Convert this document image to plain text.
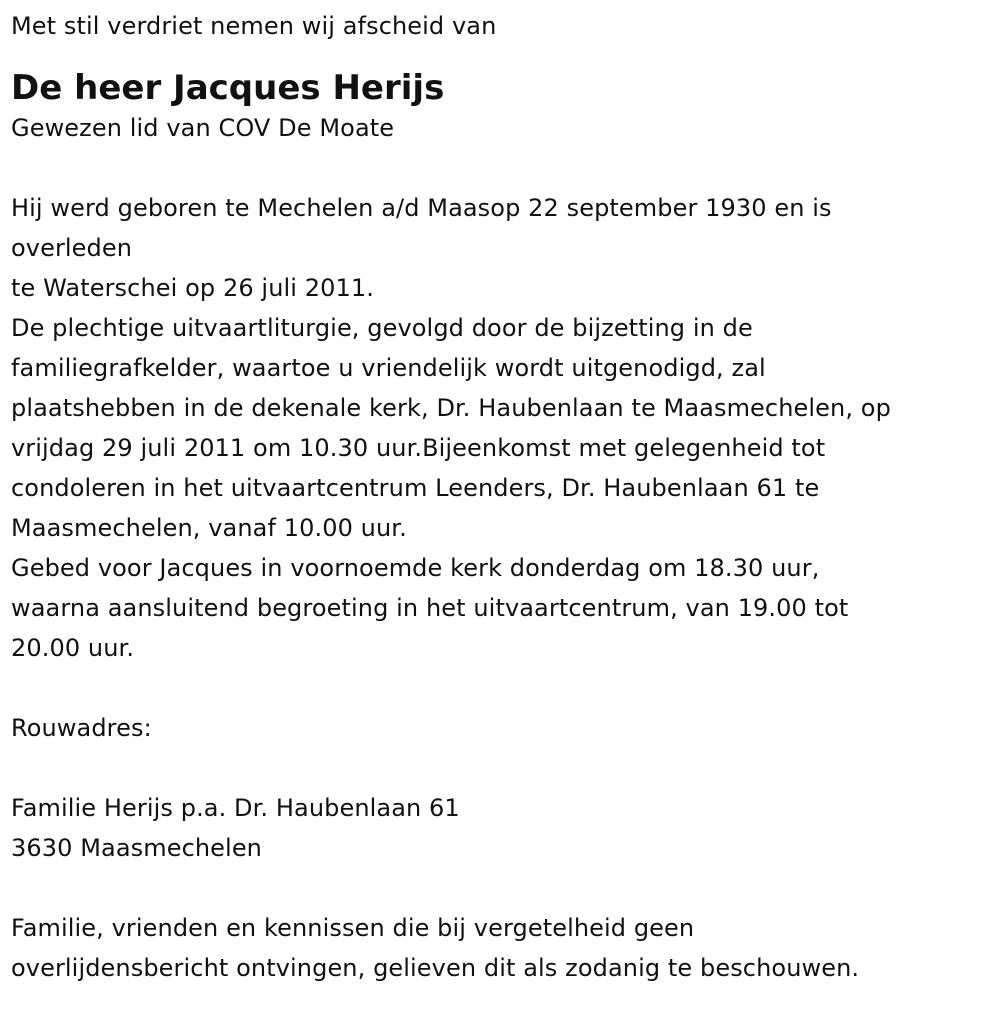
Met stil verdriet nemen wij afscheid van

De heer Jacques Herijs

Gewezen lid van COV De Moate

Hij werd geboren te Mechelen a/d Maasop 22 september 1930 en is

overleden

te Waterschei op 26 juli 2011.

De plechtige uitvaartliturgie, gevolgd door de bijzetting in de

familiegrafkelder, waartoe u vriendelijk wordt uitgenodigd, zal

plaatshebben in de dekenale kerk, Dr. Haubenlaan te Maasmechelen, op

vrijdag 29 juli 2011 om 10.30 uur.Bijeenkomst met gelegenheid tot

condoleren in het uitvaartcentrum Leenders, Dr. Haubenlaan 61 te

Maasmechelen, vanaf 10.00 uur.

Gebed voor Jacques in voornoemde kerk donderdag om 18.30 uur,

waarna aansluitend begroeting in het uitvaartcentrum, van 19.00 tot

20.00 uur.

Rouwadres:

Familie Herijs p.a. Dr. Haubenlaan 61

3630 Maasmechelen

Familie, vrienden en kennissen die bij vergetelheid geen

overlijdensbericht ontvingen, gelieven dit als zodanig te beschouwen.
